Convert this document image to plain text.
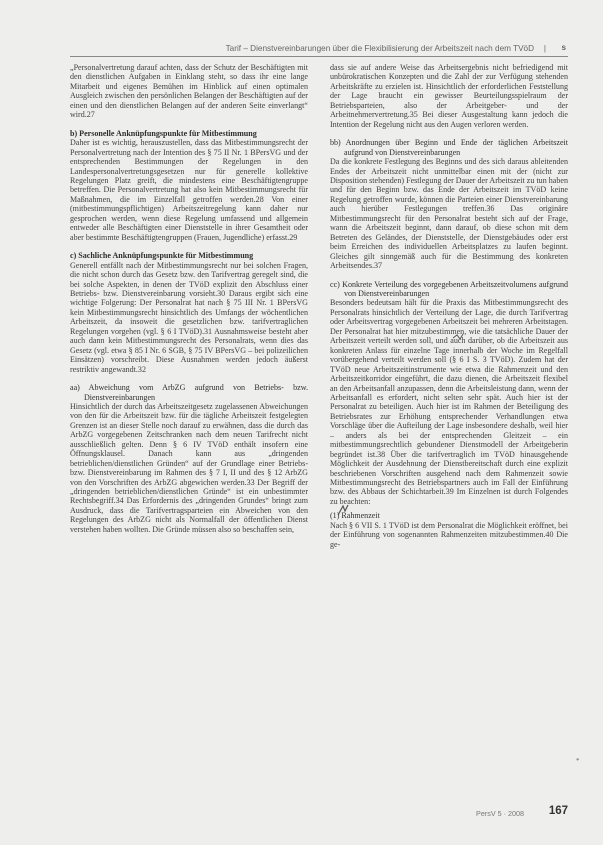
Tarif – Dienstvereinbarungen über die Flexibilisierung der Arbeitszeit nach dem TVöD | s

„Personalvertretung darauf achten, dass der Schutz der Beschäftigten mit den dienstlichen Aufgaben in Einklang steht, so dass ihr eine lange Mitarbeit und eigenes Bemühen im Hinblick auf einen optimalen Ausgleich zwischen den persönlichen Belangen der Beschäftigten auf der einen und den dienstlichen Belangen auf der anderen Seite einverlangt“ wird.27

b) Personelle Anknüpfungspunkte für Mitbestimmung

Daher ist es wichtig, herauszustellen, dass das Mitbestimmungsrecht der Personalvertretung nach der Intention des § 75 II Nr. 1 BPersVG und der entsprechenden Bestimmungen der Regelungen in den Landespersonalvertretungsgesetzen nur für generelle kollektive Regelungen Platz greift, die mindestens eine Beschäftigtengruppe betreffen. Die Personalvertretung hat also kein Mitbestimmungsrecht für Maßnahmen, die im Einzelfall getroffen werden.28 Von einer (mitbestimmungspflichtigen) Arbeitszeitregelung kann daher nur gesprochen werden, wenn diese Regelung umfassend und allgemein entweder alle Beschäftigten einer Dienststelle in ihrer Gesamtheit oder aber bestimmte Beschäftigtengruppen (Frauen, Jugendliche) erfasst.29

c) Sachliche Anknüpfungspunkte für Mitbestimmung

Generell entfällt nach der Mitbestimmungsrecht nur bei solchen Fragen, die nicht schon durch das Gesetz bzw. den Tarifvertrag geregelt sind, die bei solche Aspekten, in denen der TVöD explizit den Abschluss einer Betriebs- bzw. Dienstvereinbarung vorsieht.30 Daraus ergibt sich eine wichtige Folgerung: Der Personalrat hat nach § 75 III Nr. 1 BPersVG kein Mitbestimmungsrecht hinsichtlich des Umfangs der wöchentlichen Arbeitszeit, da insoweit die gesetzlichen bzw. tarifvertraglichen Regelungen vorgehen (vgl. § 6 I TVöD).31 Ausnahmsweise besteht aber auch dann kein Mitbestimmungsrecht des Personalrats, wenn dies das Gesetz (vgl. etwa § 85 I Nr. 6 SGB, § 75 IV BPersVG – bei polizeilichen Einsätzen) vorschreibt. Diese Ausnahmen werden jedoch äußerst restriktiv angewandt.32

aa) Abweichung vom ArbZG aufgrund von Betriebs- bzw. Dienstvereinbarungen

Hinsichtlich der durch das Arbeitszeitgesetz zugelassenen Abweichungen von den für die Arbeitszeit bzw. für die tägliche Arbeitszeit festgelegten Grenzen ist an dieser Stelle noch darauf zu erwähnen, dass die durch das ArbZG vorgegebenen Zeitschranken nach dem neuen Tarifrecht nicht ausschließlich gelten. Denn § 6 IV TVöD enthält insofern eine Öffnungsklausel. Danach kann aus „dringenden betrieblichen/dienstlichen Gründen“ auf der Grundlage einer Betriebs- bzw. Dienstvereinbarung im Rahmen des § 7 I, II und des § 12 ArbZG von den Vorschriften des ArbZG abgewichen werden.33 Der Begriff der „dringenden betrieblichen/dienstlichen Gründe“ ist ein unbestimmter Rechtsbegriff.34 Das Erfordernis des „dringenden Grundes“ bringt zum Ausdruck, dass die Tarifvertragsparteien ein Abweichen von den Regelungen des ArbZG nicht als Normalfall der öffentlichen Dienst verstehen haben wollten. Die Gründe müssen also so beschaffen sein,

dass sie auf andere Weise das Arbeitsergebnis nicht befriedigend mit unbürokratischen Konzepten und die Zahl der zur Verfügung stehenden Arbeitskräfte zu erzielen ist. Hinsichtlich der erforderlichen Feststellung der Lage braucht ein gewisser Beurteilungsspielraum der Betriebsparteien, also der Arbeitgeber- und der Arbeitnehmervertretung.35 Bei dieser Ausgestaltung kann jedoch die Intention der Regelung nicht aus den Augen verloren werden.

bb) Anordnungen über Beginn und Ende der täglichen Arbeitszeit aufgrund von Dienstvereinbarungen

Da die konkrete Festlegung des Beginns und des sich daraus ableitenden Endes der Arbeitszeit nicht unmittelbar einen mit der (nicht zur Disposition stehenden) Festlegung der Dauer der Arbeitszeit zu tun haben und für den Beginn bzw. das Ende der Arbeitszeit im TVöD keine Regelung getroffen wurde, können die Parteien einer Dienstvereinbarung auch hierüber Festlegungen treffen.36 Das originäre Mitbestimmungsrecht für den Personalrat besteht sich auf der Frage, wann die Arbeitszeit beginnt, dann darauf, ob diese schon mit dem Betreten des Geländes, der Dienststelle, der Dienstgebäudes oder erst beim Erreichen des individuellen Arbeitsplatzes zu laufen beginnt. Gleiches gilt sinngemäß auch für die Bestimmung des konkreten Arbeitsendes.37

cc) Konkrete Verteilung des vorgegebenen Arbeitszeitvolumens aufgrund von Dienstvereinbarungen

Besonders bedeutsam hält für die Praxis das Mitbestimmungsrecht des Personalrats hinsichtlich der Verteilung der Lage, die durch Tarifvertrag oder Arbeitsvertrag vorgegebenen Arbeitszeit bei mehreren Arbeitstagen. Der Personalrat hat hier mitzubestimmen, wie die tatsächliche Dauer der Arbeitszeit verteilt werden soll, und auch darüber, ob die Arbeitszeit aus konkreten Anlass für einzelne Tage innerhalb der Woche im Regelfall vorübergehend verteilt werden soll (§ 6 I S. 3 TVöD). Zudem hat der TVöD neue Arbeitszeitinstrumente wie etwa die Rahmenzeit und den Arbeitszeitkorridor eingeführt, die dazu dienen, die Arbeitszeit flexibel an den Arbeitsanfall anzupassen, denn die Arbeitsleistung dann, wenn der Arbeitsanfall es erfordert, nicht selten sehr spät. Auch hier ist der Personalrat zu beteiligen. Auch hier ist im Rahmen der Beteiligung des Betriebsrates zur Erhöhung entsprechender Verhandlungen etwa Vorschläge über die Aufteilung der Lage insbesondere deshalb, weil hier – anders als bei der entsprechenden Gleitzeit – ein mitbestimmungsrechtlich gebundener Dienstmodell der Arbeitgeberin begründet ist.38 Über die tarifvertraglich im TVöD hinausgehende Möglichkeit der Ausdehnung der Dienstbereitschaft durch eine explizit beschriebenen Vorschriften ausgehend nach dem Rahmenzeit sowie Mitbestimmungsrecht des Betriebspartners auch im Fall der Einführung bzw. des Abbaus der Schichtarbeit.39 Im Einzelnen ist durch Folgendes zu beachten:

(1) Rahmenzeit

Nach § 6 VII S. 1 TVöD ist dem Personalrat die Möglichkeit eröffnet, bei der Einführung von sogenannten Rahmenzeiten mitzubestimmen.40 Die ge-

*
PersV 5 · 2008 167
